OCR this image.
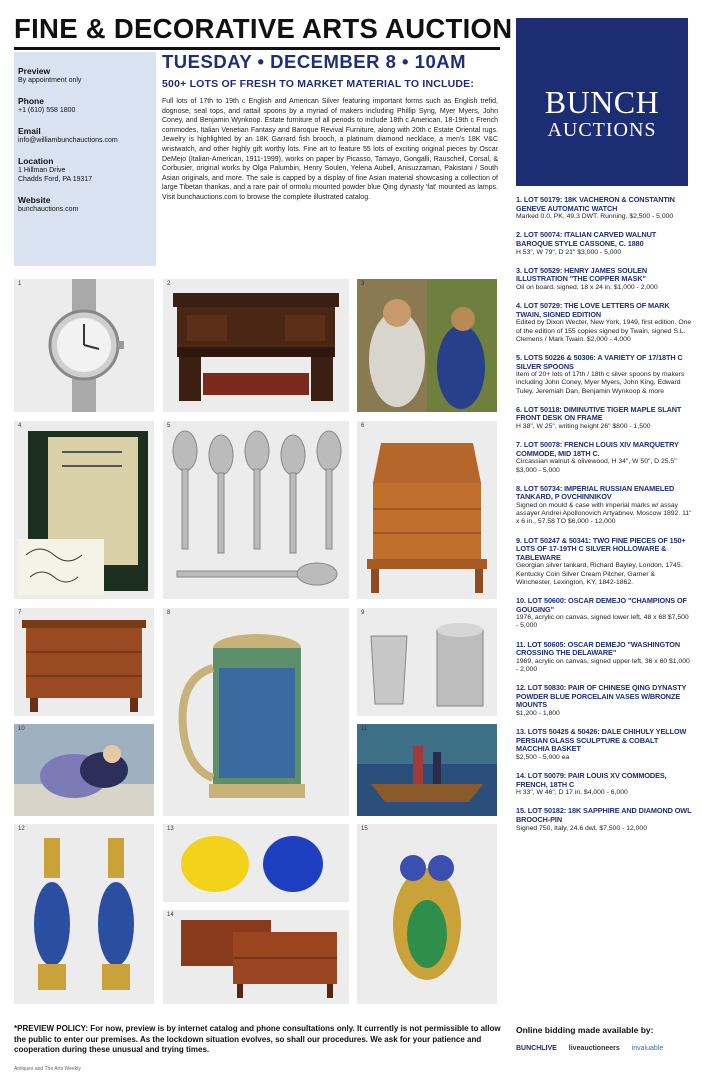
FINE & DECORATIVE ARTS AUCTION
Preview
By appointment only
Phone
+1 (610) 558 1800
Email
info@williambunchauctions.com
Location
1 Hillman Drive
Chadds Ford, PA 19317
Website
bunchauctions.com
TUESDAY • DECEMBER 8 • 10AM
500+ LOTS OF FRESH TO MARKET MATERIAL TO INCLUDE:
Full lots of 17th to 19th c English and American Silver featuring important forms such as English trefid, dognose, seal tops, and rattail spoons by a myriad of makers including Phillip Syng, Myer Myers, John Coney, and Benjamin Wynkoop. Estate furniture of all periods to include 18th c American, 18-19th c French commodes, Italian Venetian Fantasy and Baroque Revival Furniture, along with 20th c Estate Oriental rugs. Jewelry is highlighted by an 18K Garrard fish brooch, a platinum diamond necklace, a men's 18K V&C wristwatch, and other highly gift worthy lots. Fine art to feature 55 lots of exciting original pieces by Oscar DeMejo (Italian-American, 1911-1999), works on paper by Picasso, Tamayo, Gongalli, Rauscheil, Corsal, & Corbusier, original works by Olga Palumbin, Henry Soulen, Yelena Aubell, Anisuzzaman, Pakistani / South Asian originals, and more. The sale is capped by a display of fine Asian material showcasing a collection of large Tibetan thankas, and a rare pair of ormolu mounted powder blue Qing dynasty 'fat' mounted as lamps. Visit bunchauctions.com to browse the complete illustrated catalog.
BUNCH
AUCTIONS
1. LOT 50179: 18K VACHERON & CONSTANTIN GENEVE AUTOMATIC WATCH
Marked 0.0, PK, 49.3 DWT. Running. $2,500 - 5,000
2. LOT 50074: ITALIAN CARVED WALNUT BAROQUE STYLE CASSONE, C. 1880
H 53", W 79", D 21" $3,000 - 5,000
3. LOT 50529: HENRY JAMES SOULEN ILLUSTRATION "THE COPPER MASK"
Oil on board, signed, 18 x 24 in. $1,000 - 2,000
4. LOT 50729: THE LOVE LETTERS OF MARK TWAIN, SIGNED EDITION
Edited by Dixon Wecter, New York, 1949, first edition. One of the edition of 155 copies signed by Twain, signed S.L. Clemens / Mark Twain. $2,000 - 4,000
5. LOTS 50226 & 50306: A VARIETY OF 17/18TH C SILVER SPOONS
Item of 20+ lots of 17th / 18th c silver spoons by makers including John Coney, Myer Myers, John King, Edward Tuley, Jeremiah Dan, Benjamin Wynkoop & more
6. LOT 50118: DIMINUTIVE TIGER MAPLE SLANT FRONT DESK ON FRAME
H 38", W 25", writing height 26" $800 - 1,500
7. LOT 50078: FRENCH LOUIS XIV MARQUETRY COMMODE, MID 18TH C.
Circassian walnut & olivewood, H 34", W 50", D 25.5" $3,000 - 5,000
8. LOT 50734: IMPERIAL RUSSIAN ENAMELED TANKARD, P OVCHINNIKOV
Signed on mould & case with imperial marks w/ assay assayer Andrei Apollonovich Artyabnev, Moscow 1892. 11" x 6 in., 57.58 TO $6,000 - 12,000
9. LOT 50247 & 50341: TWO FINE PIECES OF 150+ LOTS OF 17-19TH C SILVER HOLLOWARE & TABLEWARE
Georgian silver tankard, Richard Bayley, London, 1745. Kentucky Coin Silver Cream Pitcher, Garner & Winchester, Lexington, KY, 1842-1862.
10. LOT 50600: OSCAR DEMEJO "CHAMPIONS OF GOUGING"
1976, acrylic on canvas, signed lower left, 48 x 68 $7,500 - 5,000
11. LOT 50605: OSCAR DEMEJO "WASHINGTON CROSSING THE DELAWARE"
1969, acrylic on canvas, signed upper left, 36 x 60 $1,000 - 2,000
12. LOT 50830: PAIR OF CHINESE QING DYNASTY POWDER BLUE PORCELAIN VASES W/BRONZE MOUNTS
$1,200 - 1,800
13. LOTS 50425 & 50426: DALE CHIHULY YELLOW PERSIAN GLASS SCULPTURE & COBALT MACCHIA BASKET
$2,500 - 5,000 ea
14. LOT 50079: PAIR LOUIS XV COMMODES, FRENCH, 18TH C
H 33", W 46", D 17 in. $4,000 - 6,000
15. LOT 50182: 18K SAPPHIRE AND DIAMOND OWL BROOCH-PIN
Signed 750, Italy, 24.6 dwt. $7,500 - 12,000
1	2	3
4	5	6
7	8	9
10	11
12	13
14
15
*PREVIEW POLICY: For now, preview is by internet catalog and phone consultations only. It currently is not permissible to allow the public to enter our premises. As the lockdown situation evolves, so shall our procedures. We ask for your patience and cooperation during these unusual and trying times.
Online bidding made available by:
BUNCHLIVE liveauctioneers invaluable
Antiques and The Arts Weekly
